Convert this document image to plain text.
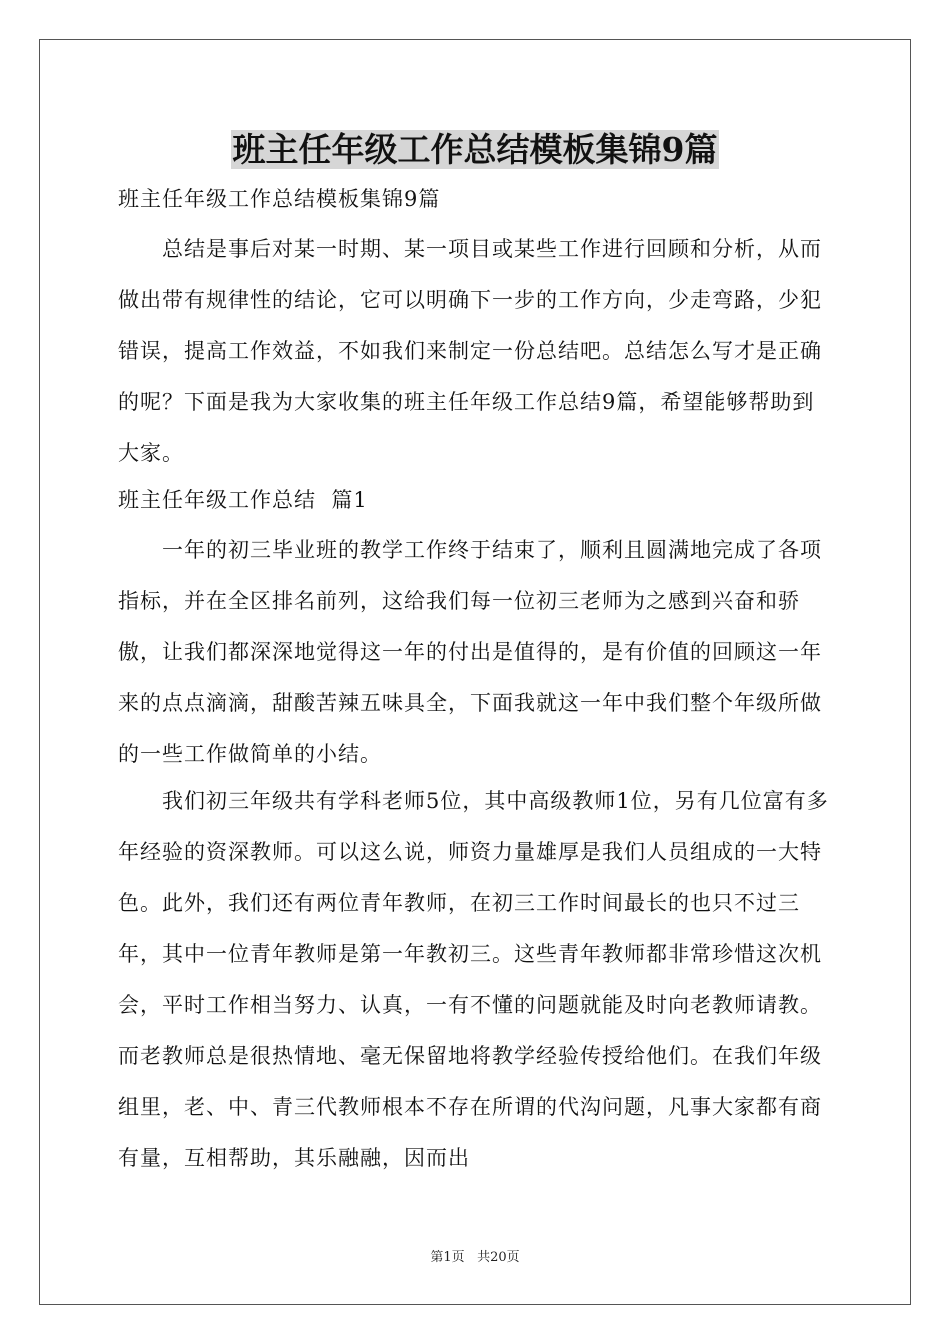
班主任年级工作总结模板集锦9篇

班主任年级工作总结模板集锦9篇

总结是事后对某一时期、某一项目或某些工作进行回顾和分析，从而做出带有规律性的结论，它可以明确下一步的工作方向，少走弯路，少犯错误，提高工作效益，不如我们来制定一份总结吧。总结怎么写才是正确的呢？下面是我为大家收集的班主任年级工作总结9篇，希望能够帮助到大家。

班主任年级工作总结  篇1

一年的初三毕业班的教学工作终于结束了，顺利且圆满地完成了各项指标，并在全区排名前列，这给我们每一位初三老师为之感到兴奋和骄傲，让我们都深深地觉得这一年的付出是值得的，是有价值的回顾这一年来的点点滴滴，甜酸苦辣五味具全，下面我就这一年中我们整个年级所做的一些工作做简单的小结。

我们初三年级共有学科老师5位，其中高级教师1位，另有几位富有多年经验的资深教师。可以这么说，师资力量雄厚是我们人员组成的一大特色。此外，我们还有两位青年教师，在初三工作时间最长的也只不过三年，其中一位青年教师是第一年教初三。这些青年教师都非常珍惜这次机会，平时工作相当努力、认真，一有不懂的问题就能及时向老教师请教。而老教师总是很热情地、毫无保留地将教学经验传授给他们。在我们年级组里，老、中、青三代教师根本不存在所谓的代沟问题，凡事大家都有商有量，互相帮助，其乐融融，因而出

第1页 共20页
